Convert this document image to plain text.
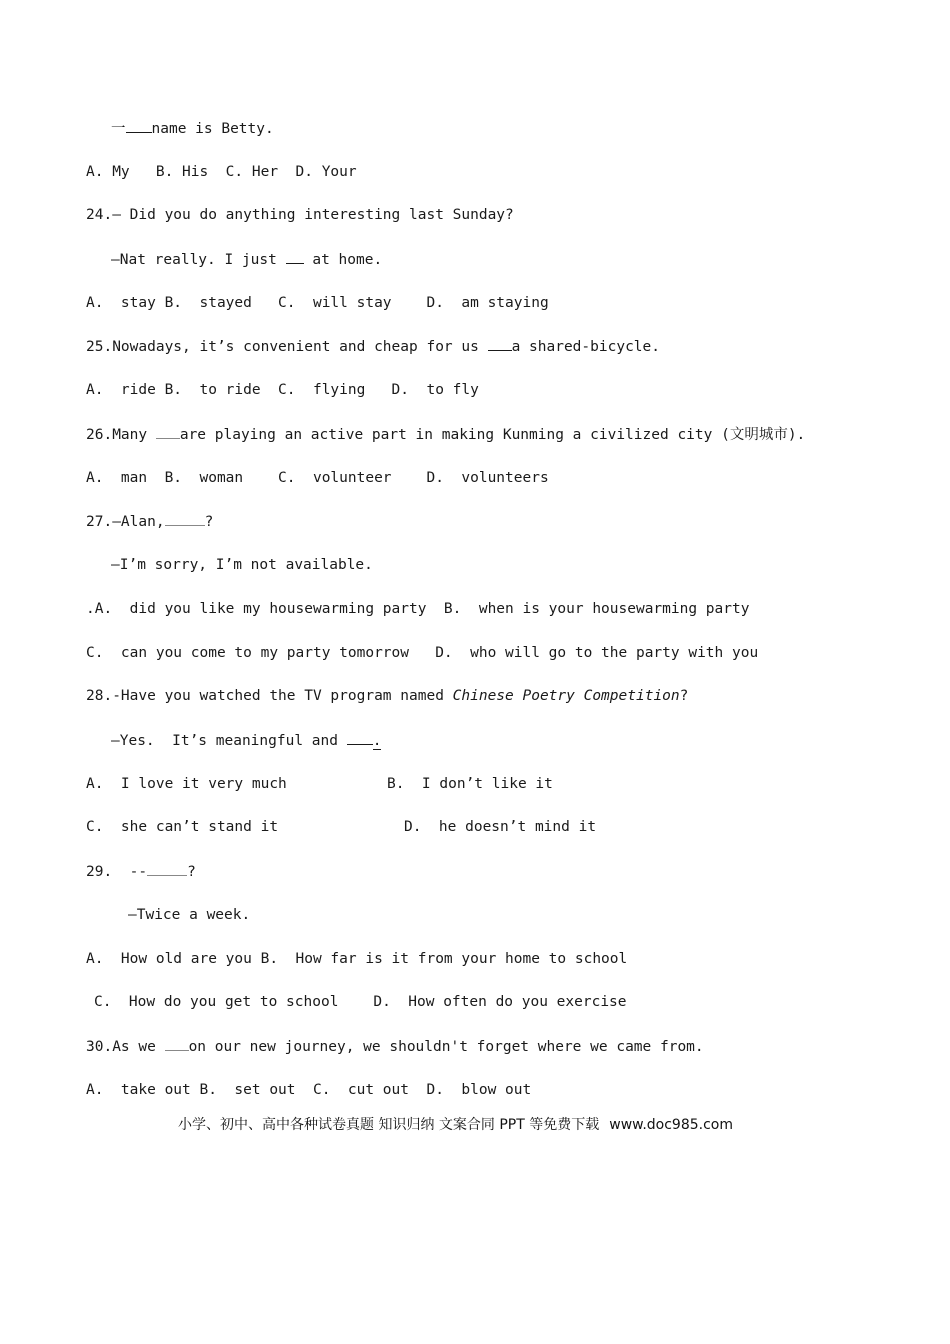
一 name is Betty.
A. My   B. His  C. Her  D. Your
24.— Did you do anything interesting last Sunday?
—Nat really. I just  at home.
A.  stay B.  stayed   C.  will stay    D.  am staying
25.Nowadays, it’s convenient and cheap for us a shared-bicycle.
A.  ride B.  to ride  C.  flying   D.  to fly
26.Many are playing an active part in making Kunming a civilized city (文明城市).
A.  man  B.  woman    C.  volunteer    D.  volunteers
27.—Alan,	?
—I’m sorry, I’m not available.
.A.  did you like my housewarming party  B.  when is your housewarming party
C.  can you come to my party tomorrow   D.  who will go to the party with you
28.-Have you watched the TV program named Chinese Poetry Competition?
—Yes.  It’s meaningful and .
A.  I love it very much	B.  I don’t like it
C.  she can’t stand it	D.  he doesn’t mind it
29.  --	?
—Twice a week.
A.  How old are you B.  How far is it from your home to school
C.  How do you get to school    D.  How often do you exercise
30.As we on our new journey, we shouldn't forget where we came from.
A.  take out B.  set out  C.  cut out  D.  blow out
小学、初中、高中各种试卷真题 知识归纳 文案合同 PPT 等免费下载 www.doc985.com
